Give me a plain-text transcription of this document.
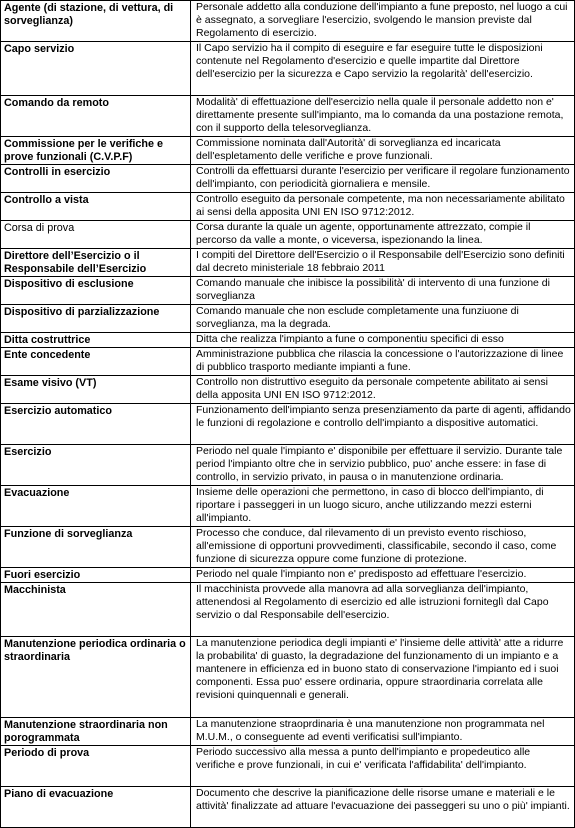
Agente (di stazione, di vettura, di sorveglianza)	Personale addetto alla conduzione dell'impianto a fune preposto, nel luogo a cui è assegnato, a sorvegliare l'esercizio, svolgendo le mansion previste dal Regolamento di esercizio.
Capo servizio	Il Capo servizio ha il compito di eseguire e far eseguire tutte le disposizioni contenute nel Regolamento d'esercizio e quelle impartite dal Direttore dell'esercizio per la sicurezza e Capo servizio la regolarità' dell'esercizio.
Comando da remoto	Modalità' di effettuazione dell'esercizio nella quale il personale addetto non e' direttamente presente sull'impianto, ma lo comanda da una postazione remota, con il supporto della telesorveglianza.
Commissione per le verifiche e prove funzionali (C.V.P.F)	Commissione nominata dall'Autorità' di sorveglianza ed incaricata dell'espletamento delle verifiche e prove funzionali.
Controlli in esercizio	Controlli da effettuarsi durante l'esercizio per verificare il regolare funzionamento dell'impianto, con periodicità giornaliera e mensile.
Controllo a vista	Controllo eseguito da personale competente, ma non necessariamente abilitato ai sensi della apposita UNI EN ISO 9712:2012.
Corsa di prova	Corsa durante la quale un agente, opportunamente attrezzato, compie il percorso da valle a monte, o viceversa, ispezionando la linea.
Direttore dell’Esercizio o il Responsabile dell’Esercizio	I compiti del Direttore dell'Esercizio o il Responsabile dell'Esercizio sono definiti dal decreto ministeriale 18 febbraio 2011
Dispositivo di esclusione	Comando manuale che inibisce la possibilità' di intervento di una funzione di sorveglianza
Dispositivo di parzializzazione	Comando manuale che non esclude completamente una funziuone di sorveglianza, ma la degrada.
Ditta costruttrice	Ditta che realizza l'impianto a fune o componentiu specifici di esso
Ente concedente	Amministrazione pubblica che rilascia la concessione o l'autorizzazione di linee di pubblico trasporto mediante impianti a fune.
Esame visivo (VT)	Controllo non distruttivo eseguito da personale competente abilitato ai sensi della apposita UNI EN ISO 9712:2012.
Esercizio automatico	Funzionamento dell'impianto senza presenziamento da parte di agenti, affidando le funzioni di regolazione e controllo dell'impianto a dispositive automatici.
Esercizio	Periodo nel quale l'impianto e' disponibile per effettuare il servizio. Durante tale period l'impianto oltre che in servizio pubblico, puo' anche essere: in fase di controllo, in servizio privato, in pausa o in manutenzione ordinaria.
Evacuazione	Insieme delle operazioni che permettono, in caso di blocco dell'impianto, di riportare i passeggeri in un luogo sicuro, anche utilizzando mezzi esterni all'impianto.
Funzione di sorveglianza	Processo che conduce, dal rilevamento di un previsto evento rischioso, all'emissione di opportuni provvedimenti, classificabile, secondo il caso, come funzione di sicurezza oppure come funzione di protezione.
Fuori esercizio	Periodo nel quale l'impianto non e' predisposto ad effettuare l'esercizio.
Macchinista	Il macchinista provvede alla manovra ad alla sorveglianza dell'impianto, attenendosi al Regolamento di esercizio ed alle istruzioni forniteglì dal Capo servizio o dal Responsabile dell'esercizio.
Manutenzione periodica ordinaria o straordinaria	La manutenzione periodica degli impianti e' l'insieme delle attività' atte a ridurre la probabilita' di guasto, la degradazione del funzionamento di un impianto e a mantenere in efficienza ed in buono stato di conservazione l'impianto ed i suoi componenti. Essa puo' essere ordinaria, oppure straordinaria correlata alle revisioni quinquennali e generali.
Manutenzione straordinaria non porogrammata	La manutenzione straoprdinaria è una manutenzione non programmata nel M.U.M., o conseguente ad eventi verificatisi sull'impianto.
Periodo di prova	Periodo successivo alla messa a punto dell'impianto e propedeutico alle verifiche e prove funzionali, in cui e' verificata l'affidabilita' dell'impianto.
Piano di evacuazione	Documento che descrive la pianificazione delle risorse umane e materiali e le attività' finalizzate ad attuare l'evacuazione dei passeggeri su uno o più' impianti.
